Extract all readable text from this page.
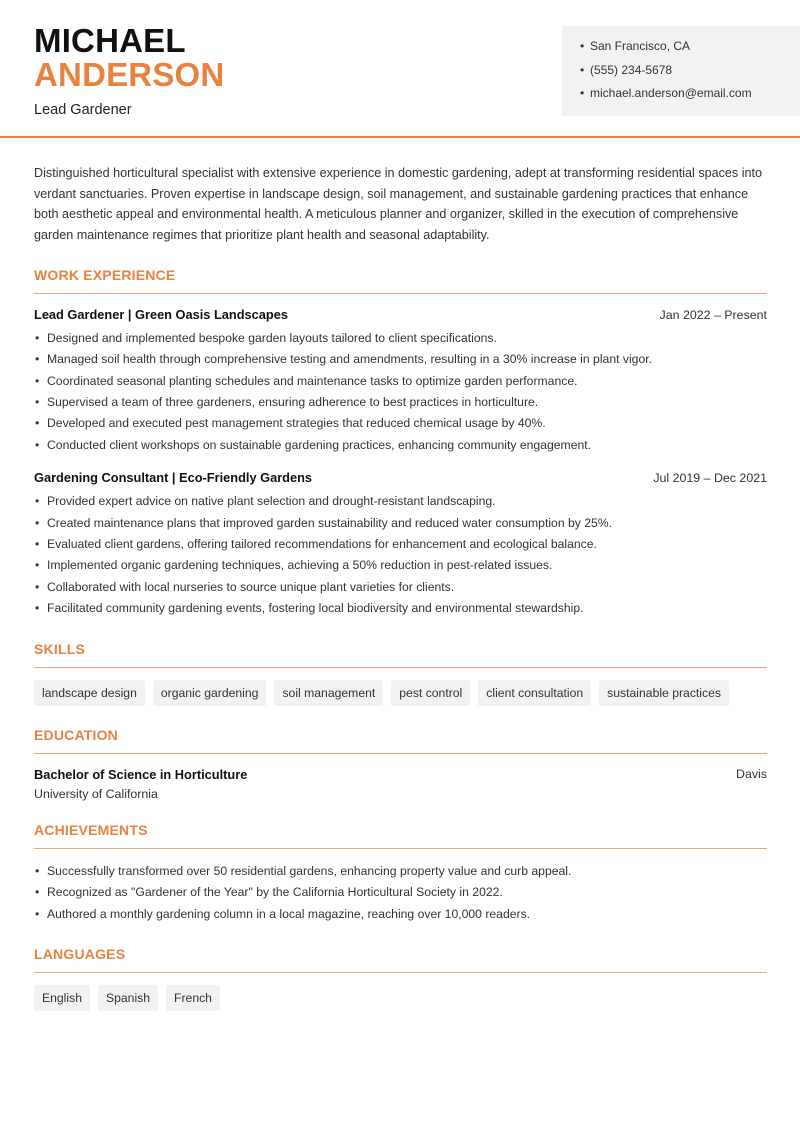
MICHAEL
ANDERSON
Lead Gardener
• San Francisco, CA
• (555) 234-5678
• michael.anderson@email.com

Distinguished horticultural specialist with extensive experience in domestic gardening, adept at transforming residential spaces into verdant sanctuaries. Proven expertise in landscape design, soil management, and sustainable gardening practices that enhance both aesthetic appeal and environmental health. A meticulous planner and organizer, skilled in the execution of comprehensive garden maintenance regimes that prioritize plant health and seasonal adaptability.

WORK EXPERIENCE
Lead Gardener | Green Oasis Landscapes	Jan 2022 – Present
• Designed and implemented bespoke garden layouts tailored to client specifications.
• Managed soil health through comprehensive testing and amendments, resulting in a 30% increase in plant vigor.
• Coordinated seasonal planting schedules and maintenance tasks to optimize garden performance.
• Supervised a team of three gardeners, ensuring adherence to best practices in horticulture.
• Developed and executed pest management strategies that reduced chemical usage by 40%.
• Conducted client workshops on sustainable gardening practices, enhancing community engagement.
Gardening Consultant | Eco-Friendly Gardens	Jul 2019 – Dec 2021
• Provided expert advice on native plant selection and drought-resistant landscaping.
• Created maintenance plans that improved garden sustainability and reduced water consumption by 25%.
• Evaluated client gardens, offering tailored recommendations for enhancement and ecological balance.
• Implemented organic gardening techniques, achieving a 50% reduction in pest-related issues.
• Collaborated with local nurseries to source unique plant varieties for clients.
• Facilitated community gardening events, fostering local biodiversity and environmental stewardship.
SKILLS
landscape design	organic gardening	soil management	pest control	client consultation	sustainable practices
EDUCATION
Bachelor of Science in Horticulture	Davis
University of California
ACHIEVEMENTS
• Successfully transformed over 50 residential gardens, enhancing property value and curb appeal.
• Recognized as "Gardener of the Year" by the California Horticultural Society in 2022.
• Authored a monthly gardening column in a local magazine, reaching over 10,000 readers.
LANGUAGES
English	Spanish	French
